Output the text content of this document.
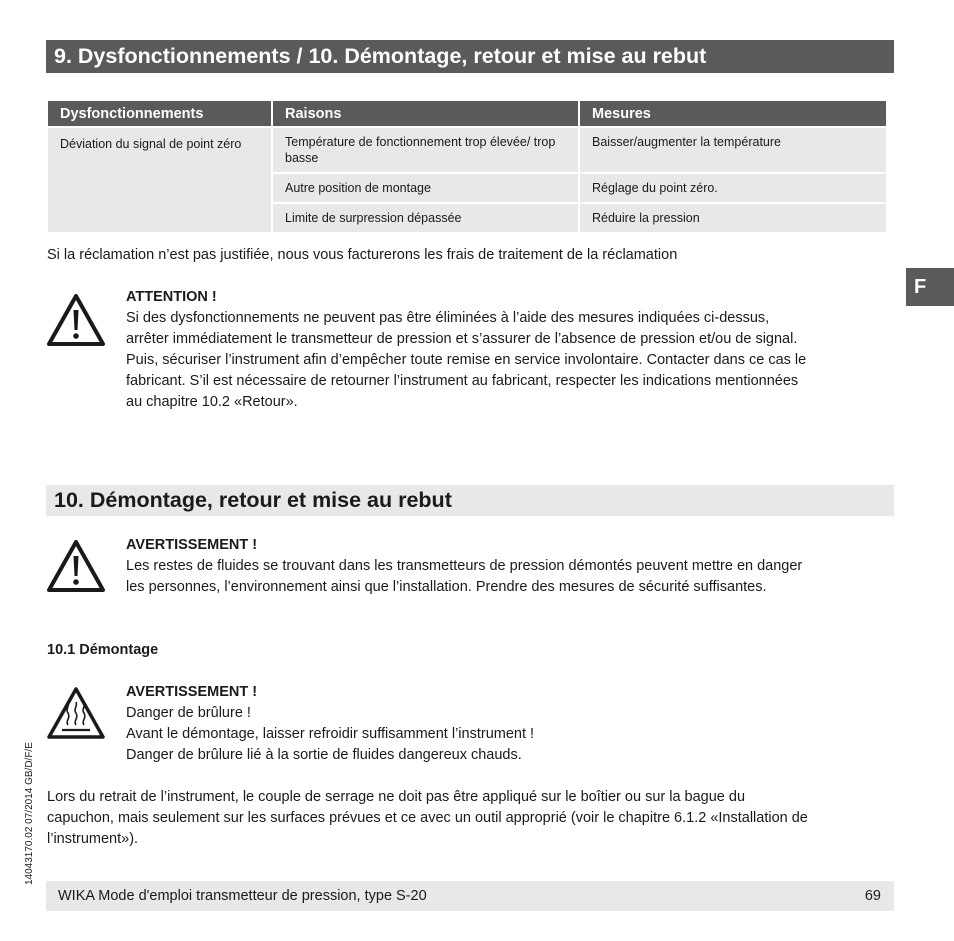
9. Dysfonctionnements / 10. Démontage, retour et mise au rebut
Dysfonctionnements	Raisons	Mesures
Déviation du signal de point zéro	Température de fonctionnement trop élevée/ trop basse	Baisser/augmenter la température
	Autre position de montage	Réglage du point zéro.
	Limite de surpression dépassée	Réduire la pression
Si la réclamation n’est pas justifiée, nous vous facturerons les frais de traitement de la réclamation
F
ATTENTION !
Si des dysfonctionnements ne peuvent pas être éliminées à l’aide des mesures indiquées ci-dessus,
arrêter immédiatement le transmetteur de pression et s’assurer de l’absence de pression et/ou de signal.
Puis, sécuriser l’instrument afin d’empêcher toute remise en service involontaire. Contacter dans ce cas le
fabricant. S’il est nécessaire de retourner l’instrument au fabricant, respecter les indications mentionnées
au chapitre 10.2 «Retour».
10. Démontage, retour et mise au rebut
AVERTISSEMENT !
Les restes de fluides se trouvant dans les transmetteurs de pression démontés peuvent mettre en danger
les personnes, l’environnement ainsi que l’installation. Prendre des mesures de sécurité suffisantes.
10.1 Démontage
AVERTISSEMENT !
Danger de brûlure !
Avant le démontage, laisser refroidir suffisamment l’instrument !
Danger de brûlure lié à la sortie de fluides dangereux chauds.
Lors du retrait de l’instrument, le couple de serrage ne doit pas être appliqué sur le boîtier ou sur la bague du
capuchon, mais seulement sur les surfaces prévues et ce avec un outil approprié (voir le chapitre 6.1.2 «Installation de
l’instrument»).
14043170.02 07/2014 GB/D/F/E
WIKA Mode d'emploi transmetteur de pression, type S-20	69
